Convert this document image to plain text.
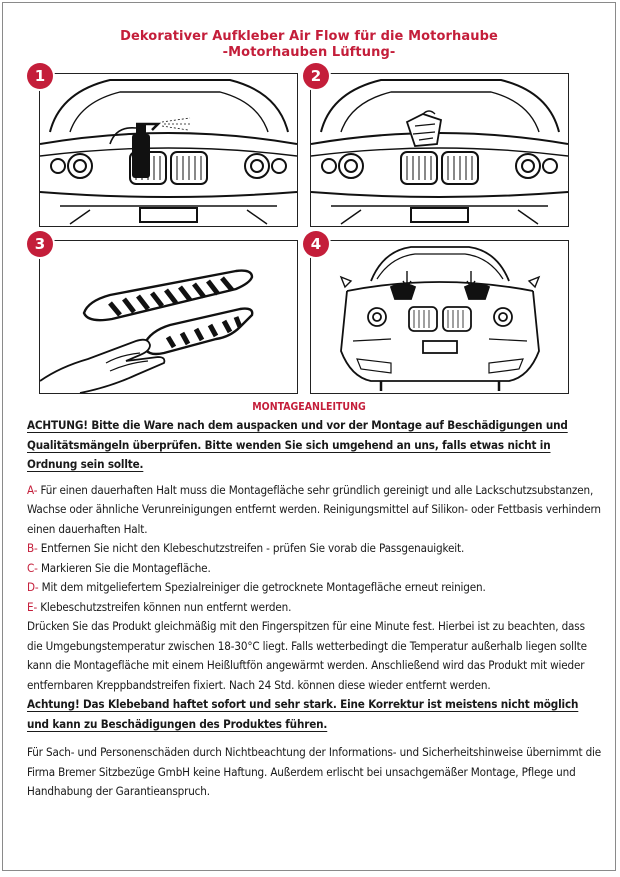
Dekorativer Aufkleber Air Flow für die Motorhaube
-Motorhauben Lüftung-
1	2
3	4
MONTAGEANLEITUNG

ACHTUNG! Bitte die Ware nach dem auspacken und vor der Montage auf Beschädigungen und Qualitätsmängeln überprüfen. Bitte wenden Sie sich umgehend an uns, falls etwas nicht in Ordnung sein sollte.

A- Für einen dauerhaften Halt muss die Montagefläche sehr gründlich gereinigt und alle Lackschutzsubstanzen, Wachse oder ähnliche Verunreinigungen entfernt werden. Reinigungsmittel auf Silikon- oder Fettbasis verhindern einen dauerhaften Halt.

B- Entfernen Sie nicht den Klebeschutzstreifen - prüfen Sie vorab die Passgenauigkeit.

C- Markieren Sie die Montagefläche.

D- Mit dem mitgeliefertem Spezialreiniger die getrocknete Montagefläche erneut reinigen.

E- Klebeschutzstreifen können nun entfernt werden.

Drücken Sie das Produkt gleichmäßig mit den Fingerspitzen für eine Minute fest. Hierbei ist zu beachten, dass die Umgebungstemperatur zwischen 18-30°C liegt. Falls wetterbedingt die Temperatur außerhalb liegen sollte kann die Montagefläche mit einem Heißluftfön angewärmt werden. Anschließend wird das Produkt mit wieder entfernbaren Kreppbandstreifen fixiert. Nach 24 Std. können diese wieder entfernt werden.

Achtung! Das Klebeband haftet sofort und sehr stark. Eine Korrektur ist meistens nicht möglich und kann zu Beschädigungen des Produktes führen.

Für Sach- und Personenschäden durch Nichtbeachtung der Informations- und Sicherheitshinweise übernimmt die Firma Bremer Sitzbezüge GmbH keine Haftung. Außerdem erlischt bei unsachgemäßer Montage, Pflege und Handhabung der Garantieanspruch.
